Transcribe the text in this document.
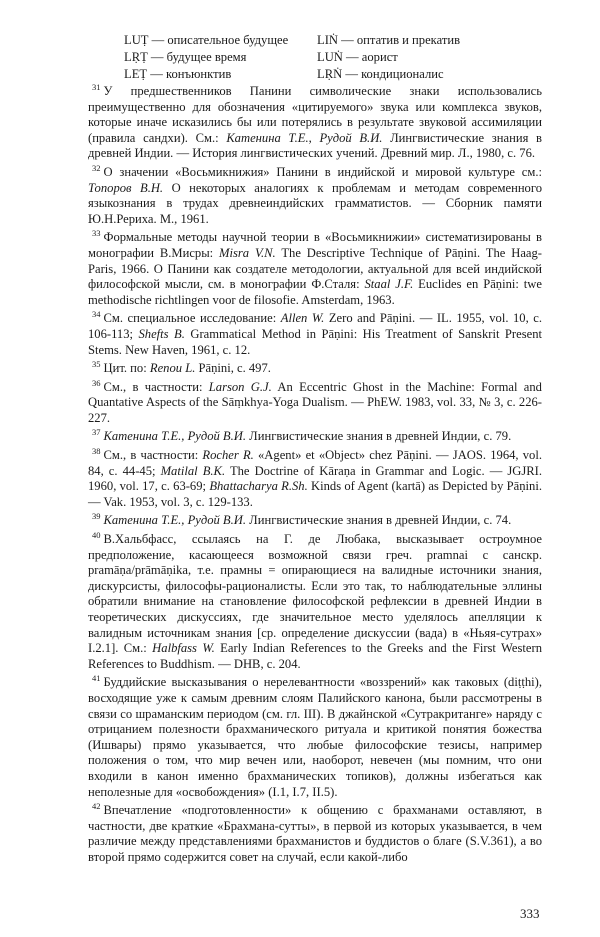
LUṬ — описательное будущее	LIṄ — оптатив и прекатив
LṚṬ — будущее время	LUṄ — аорист
LEṬ — конъюнктив	LṚṄ — кондиционалис

$^{31}$ У предшественников Панини символические знаки использовались преимущественно для обозначения «цитируемого» звука или комплекса звуков, которые иначе исказились бы или потерялись в результате звуковой ассимиляции (правила сандхи). См.: Катенина Т.Е., Рудой В.И. Лингвистические знания в древней Индии. — История лингвистических учений. Древний мир. Л., 1980, с. 76.

$^{32}$ О значении «Восьмикнижия» Панини в индийской и мировой культуре см.: Топоров В.Н. О некоторых аналогиях к проблемам и методам современного языкознания в трудах древнеиндийских грамматистов. — Сборник памяти Ю.Н.Рериха. М., 1961.

$^{33}$ Формальные методы научной теории в «Восьмикнижии» систематизированы в монографии В.Мисры: Misra V.N. The Descriptive Technique of Pāṇini. The Haag-Paris, 1966. О Панини как создателе методологии, актуальной для всей индийской философской мысли, см. в монографии Ф.Сталя: Staal J.F. Euclides en Pāṇini: twe methodische richtlingen voor de filosofie. Amsterdam, 1963.

$^{34}$ См. специальное исследование: Allen W. Zero and Pāṇini. — IL. 1955, vol. 10, c. 106-113; Shefts B. Grammatical Method in Pāṇini: His Treatment of Sanskrit Present Stems. New Haven, 1961, c. 12.

$^{35}$ Цит. по: Renou L. Pāṇini, c. 497.

$^{36}$ См., в частности: Larson G.J. An Eccentric Ghost in the Machine: Formal and Quantative Aspects of the Sāṃkhya-Yoga Dualism. — PhEW. 1983, vol. 33, № 3, c. 226-227.

$^{37}$ Катенина Т.Е., Рудой В.И. Лингвистические знания в древней Индии, с. 79.

$^{38}$ См., в частности: Rocher R. «Agent» et «Object» chez Pāṇini. — JAOS. 1964, vol. 84, c. 44-45; Matilal B.K. The Doctrine of Kāraṇa in Grammar and Logic. — JGJRI. 1960, vol. 17, c. 63-69; Bhattacharya R.Sh. Kinds of Agent (kartā) as Depicted by Pāṇini. — Vak. 1953, vol. 3, c. 129-133.

$^{39}$ Катенина Т.Е., Рудой В.И. Лингвистические знания в древней Индии, с. 74.

$^{40}$ В.Хальбфасс, ссылаясь на Г. де Любака, высказывает остроумное предположение, касающееся возможной связи греч. pramnai с санскр. pramāṇa/prāmāṇika, т.е. прамны = опирающиеся на валидные источники знания, дискурсисты, философы-рационалисты. Если это так, то наблюдательные эллины обратили внимание на становление философской рефлексии в древней Индии в теоретических дискуссиях, где значительное место уделялось апелляции к валидным источникам знания [ср. определение дискуссии (вада) в «Ньяя-сутрах» I.2.1]. См.: Halbfass W. Early Indian References to the Greeks and the First Western References to Buddhism. — DHB, c. 204.

$^{41}$ Буддийские высказывания о нерелевантности «воззрений» как таковых (diṭṭhi), восходящие уже к самым древним слоям Палийского канона, были рассмотрены в связи со шраманским периодом (см. гл. III). В джайнской «Сутракританге» наряду с отрицанием полезности брахманического ритуала и критикой понятия божества (Ишвары) прямо указывается, что любые философские тезисы, например положения о том, что мир вечен или, наоборот, невечен (мы помним, что они входили в канон именно брахманических топиков), должны избегаться как неполезные для «освобождения» (I.1, I.7, II.5).

$^{42}$ Впечатление «подготовленности» к общению с брахманами оставляют, в частности, две краткие «Брахмана-сутты», в первой из которых указывается, в чем различие между представлениями брахманистов и буддистов о благе (S.V.361), а во второй прямо содержится совет на случай, если какой-либо

333
